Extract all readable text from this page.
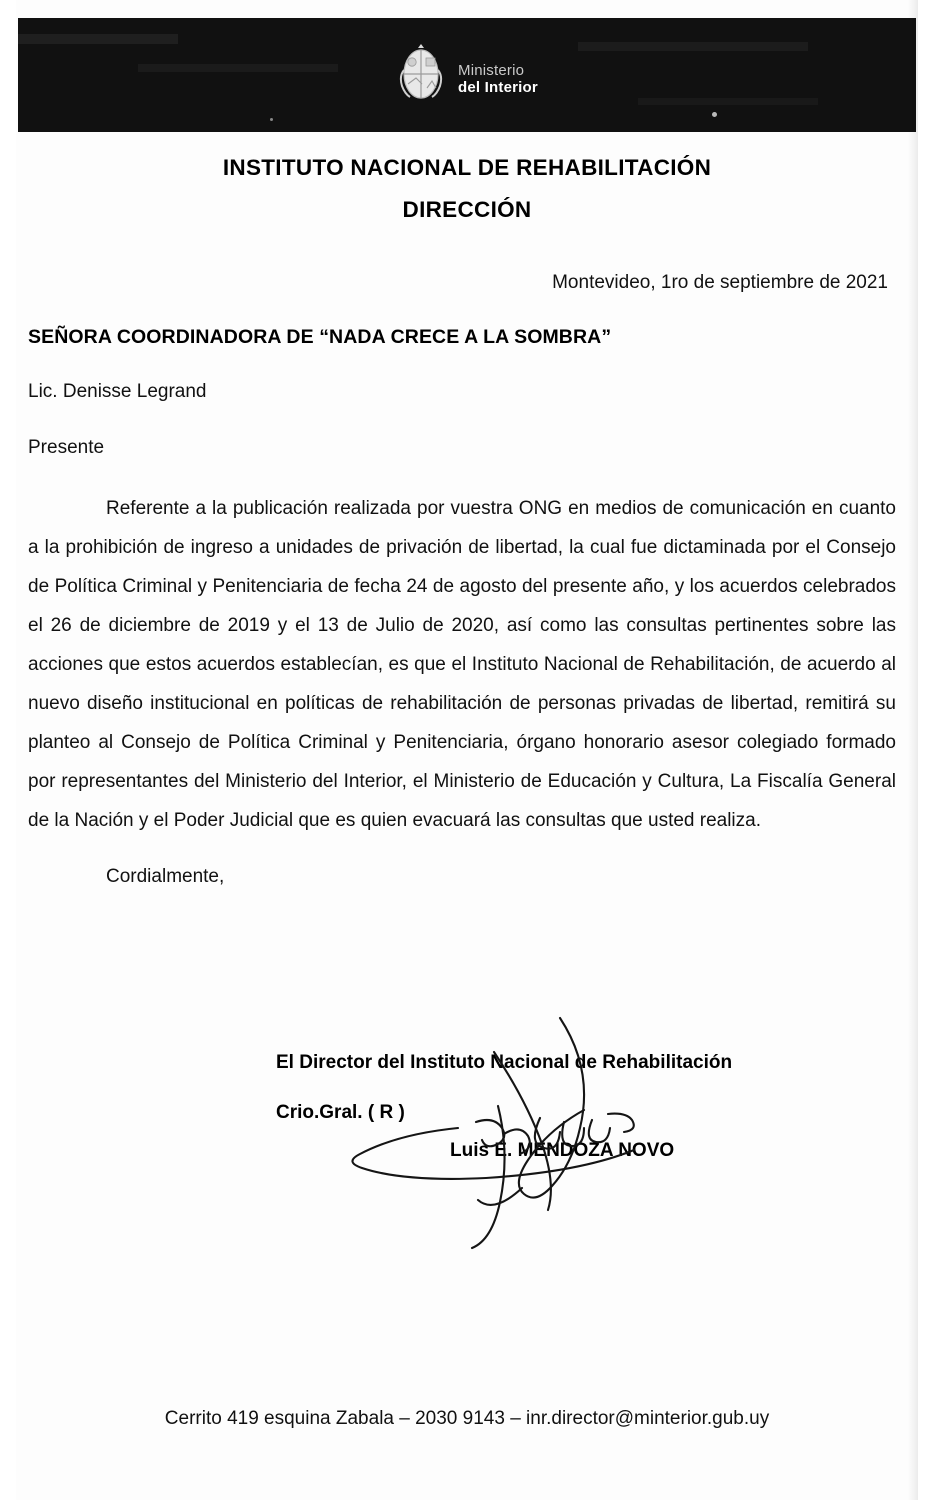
Ministerio
del Interior
INSTITUTO NACIONAL DE REHABILITACIÓN
DIRECCIÓN
Montevideo, 1ro de septiembre de 2021
SEÑORA COORDINADORA DE “NADA CRECE A LA SOMBRA”
Lic. Denisse Legrand
Presente
Referente a la publicación realizada por vuestra ONG en medios de comunicación en cuanto a la prohibición de ingreso a unidades de privación de libertad, la cual fue dictaminada por el Consejo de Política Criminal y Penitenciaria de fecha 24 de agosto del presente año, y los acuerdos celebrados el 26 de diciembre de 2019 y el 13 de Julio de 2020, así como las consultas pertinentes sobre las acciones que estos acuerdos establecían, es que el Instituto Nacional de Rehabilitación, de acuerdo al nuevo diseño institucional en políticas de rehabilitación de personas privadas de libertad, remitirá su planteo al Consejo de Política Criminal y Penitenciaria, órgano honorario asesor colegiado formado por representantes del Ministerio del Interior, el Ministerio de Educación y Cultura, La Fiscalía General de la Nación y el Poder Judicial que es quien evacuará las consultas que usted realiza.
Cordialmente,
El Director del Instituto Nacional de Rehabilitación
Crio.Gral. ( R )
Luis E. MENDOZA NOVO
Cerrito 419 esquina Zabala – 2030 9143 – inr.director@minterior.gub.uy
